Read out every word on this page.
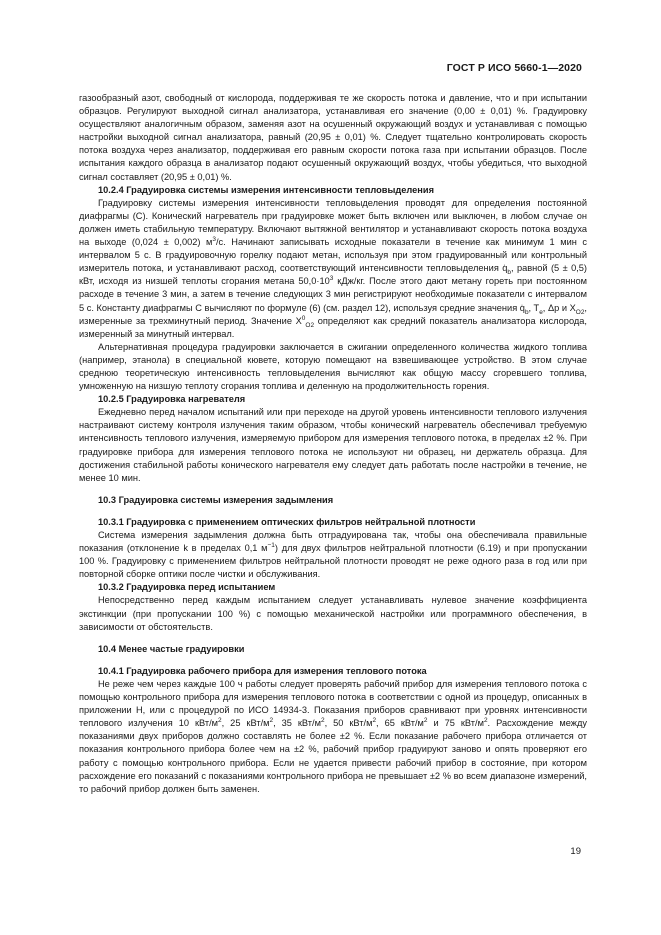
ГОСТ Р ИСО 5660-1—2020

газообразный азот, свободный от кислорода, поддерживая те же скорость потока и давление, что и при испытании образцов. Регулируют выходной сигнал анализатора, устанавливая его значение (0,00 ± 0,01) %. Градуировку осуществляют аналогичным образом, заменяя азот на осушенный окружающий воздух и устанавливая с помощью настройки выходной сигнал анализатора, равный (20,95 ± 0,01) %. Следует тщательно контролировать скорость потока воздуха через анализатор, поддерживая его равным скорости потока газа при испытании образцов. После испытания каждого образца в анализатор подают осушенный окружающий воздух, чтобы убедиться, что выходной сигнал составляет (20,95 ± 0,01) %.

10.2.4 Градуировка системы измерения интенсивности тепловыделения

Градуировку системы измерения интенсивности тепловыделения проводят для определения постоянной диафрагмы (С). Конический нагреватель при градуировке может быть включен или выключен, в любом случае он должен иметь стабильную температуру. Включают вытяжной вентилятор и устанавливают скорость потока воздуха на выходе (0,024 ± 0,002) $м^3/с$. Начинают записывать исходные показатели в течение как минимум 1 мин с интервалом 5 с. В градуировочную горелку подают метан, используя при этом градуированный или контрольный измеритель потока, и устанавливают расход, соответствующий интенсивности тепловыделения $q̇_b$, равной (5 ± 0,5) кВт, исходя из низшей теплоты сгорания метана $50,0\cdot 10^3$ кДж/кг. После этого дают метану гореть при постоянном расходе в течение 3 мин, а затем в течение следующих 3 мин регистрируют необходимые показатели с интервалом 5 с. Константу диафрагмы С вычисляют по формуле (6) (см. раздел 12), используя средние значения $q̇_b$, $T_e$, Δp и $X_{O2}$, измеренные за трехминутный период. Значение $X^0_{O2}$ определяют как средний показатель анализатора кислорода, измеренный за минутный интервал.

Альтернативная процедура градуировки заключается в сжигании определенного количества жидкого топлива (например, этанола) в специальной кювете, которую помещают на взвешивающее устройство. В этом случае среднюю теоретическую интенсивность тепловыделения вычисляют как общую массу сгоревшего топлива, умноженную на низшую теплоту сгорания топлива и деленную на продолжительность горения.

10.2.5 Градуировка нагревателя

Ежедневно перед началом испытаний или при переходе на другой уровень интенсивности теплового излучения настраивают систему контроля излучения таким образом, чтобы конический нагреватель обеспечивал требуемую интенсивность теплового излучения, измеряемую прибором для измерения теплового потока, в пределах ±2 %. При градуировке прибора для измерения теплового потока не используют ни образец, ни держатель образца. Для достижения стабильной работы конического нагревателя ему следует дать работать после настройки в течение, не менее 10 мин.

10.3 Градуировка системы измерения задымления

10.3.1 Градуировка с применением оптических фильтров нейтральной плотности

Система измерения задымления должна быть отградуирована так, чтобы она обеспечивала правильные показания (отклонение k в пределах 0,1 $м^{-1}$) для двух фильтров нейтральной плотности (6.19) и при пропускании 100 %. Градуировку с применением фильтров нейтральной плотности проводят не реже одного раза в год или при повторной сборке оптики после чистки и обслуживания.

10.3.2 Градуировка перед испытанием

Непосредственно перед каждым испытанием следует устанавливать нулевое значение коэффициента экстинкции (при пропускании 100 %) с помощью механической настройки или программного обеспечения, в зависимости от обстоятельств.

10.4 Менее частые градуировки

10.4.1 Градуировка рабочего прибора для измерения теплового потока

Не реже чем через каждые 100 ч работы следует проверять рабочий прибор для измерения теплового потока с помощью контрольного прибора для измерения теплового потока в соответствии с одной из процедур, описанных в приложении Н, или с процедурой по ИСО 14934-3. Показания приборов сравнивают при уровнях интенсивности теплового излучения 10 кВт/$м^2$, 25 кВт/$м^2$, 35 кВт/$м^2$, 50 кВт/$м^2$, 65 кВт/$м^2$ и 75 кВт/$м^2$. Расхождение между показаниями двух приборов должно составлять не более ±2 %. Если показание рабочего прибора отличается от показания контрольного прибора более чем на ±2 %, рабочий прибор градуируют заново и опять проверяют его работу с помощью контрольного прибора. Если не удается привести рабочий прибор в состояние, при котором расхождение его показаний с показаниями контрольного прибора не превышает ±2 % во всем диапазоне измерений, то рабочий прибор должен быть заменен.

19
